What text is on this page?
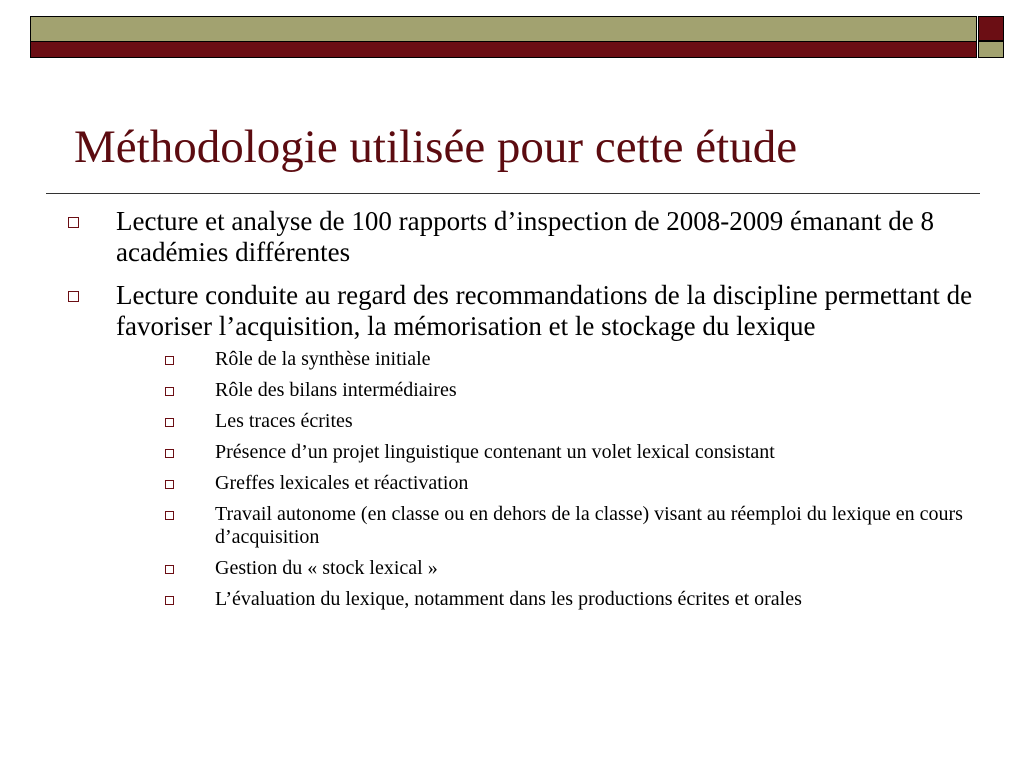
Méthodologie utilisée pour cette étude
Lecture et analyse de 100 rapports d’inspection de 2008-2009 émanant de 8 académies différentes
Lecture conduite au regard des recommandations de la discipline permettant de favoriser l’acquisition, la mémorisation et le stockage du lexique
Rôle de la synthèse initiale
Rôle des bilans intermédiaires
Les traces écrites
Présence d’un projet linguistique contenant un volet lexical consistant
Greffes lexicales et réactivation
Travail autonome (en classe ou en dehors de la classe) visant au réemploi du lexique en cours d’acquisition
Gestion du « stock lexical »
L’évaluation du lexique, notamment dans les productions écrites et orales
